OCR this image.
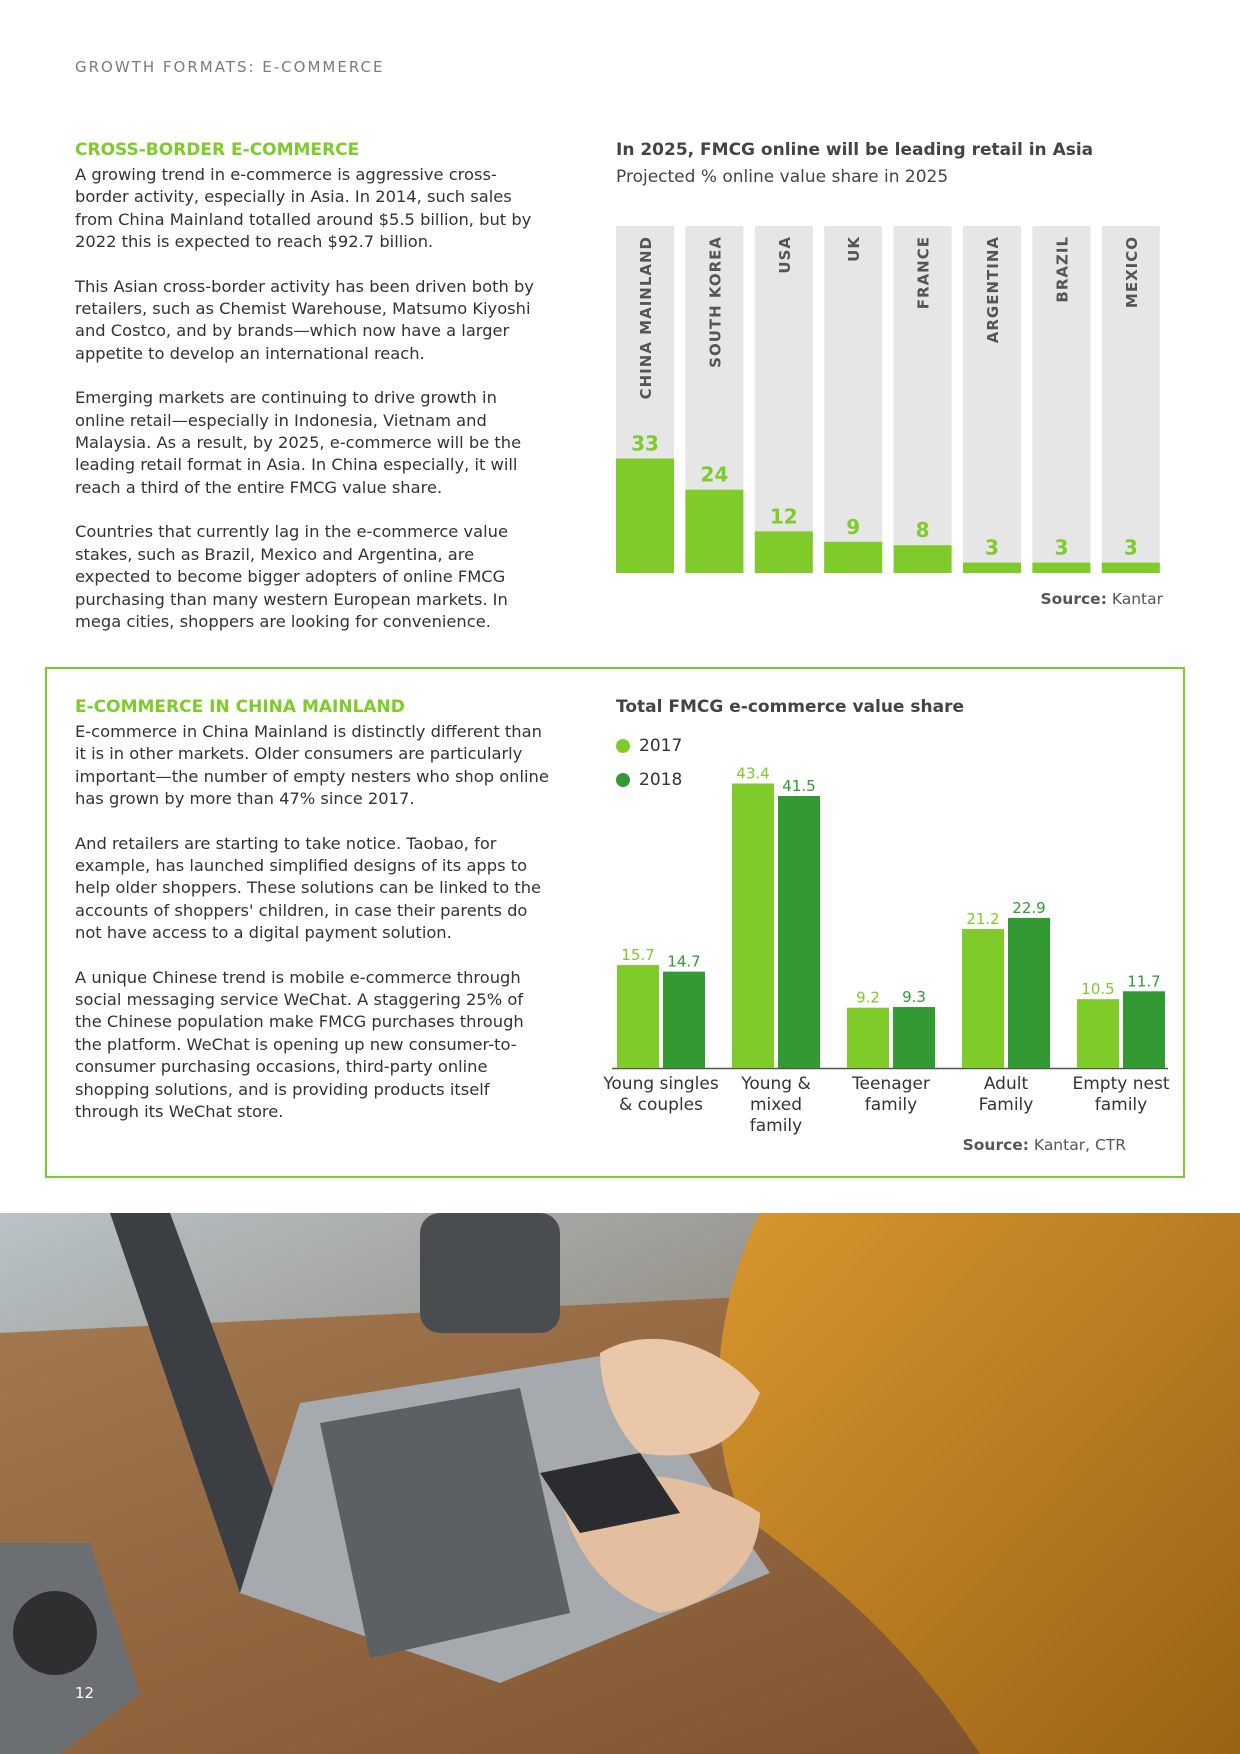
GROWTH FORMATS: E-COMMERCE
CROSS-BORDER E-COMMERCE

A growing trend in e-commerce is aggressive cross-border activity, especially in Asia. In 2014, such sales from China Mainland totalled around $5.5 billion, but by 2022 this is expected to reach $92.7 billion.

This Asian cross-border activity has been driven both by retailers, such as Chemist Warehouse, Matsumo Kiyoshi and Costco, and by brands—which now have a larger appetite to develop an international reach.

Emerging markets are continuing to drive growth in online retail—especially in Indonesia, Vietnam and Malaysia. As a result, by 2025, e-commerce will be the leading retail format in Asia. In China especially, it will reach a third of the entire FMCG value share.

Countries that currently lag in the e-commerce value stakes, such as Brazil, Mexico and Argentina, are expected to become bigger adopters of online FMCG purchasing than many western European markets. In mega cities, shoppers are looking for convenience.

In 2025, FMCG online will be leading retail in Asia
Projected % online value share in 2025
33
CHINA MAINLAND
24
SOUTH KOREA
12
USA
9
UK
8
FRANCE
3
ARGENTINA
3
BRAZIL
3
MEXICO
Source: Kantar
E-COMMERCE IN CHINA MAINLAND

E-commerce in China Mainland is distinctly different than it is in other markets. Older consumers are particularly important—the number of empty nesters who shop online has grown by more than 47% since 2017.

And retailers are starting to take notice. Taobao, for example, has launched simplified designs of its apps to help older shoppers. These solutions can be linked to the accounts of shoppers' children, in case their parents do not have access to a digital payment solution.

A unique Chinese trend is mobile e-commerce through social messaging service WeChat. A staggering 25% of the Chinese population make FMCG purchases through the platform. WeChat is opening up new consumer-to-consumer purchasing occasions, third-party online shopping solutions, and is providing products itself through its WeChat store.

Total FMCG e-commerce value share
2017
2018
15.7 14.7
43.4
41.5
9.2 9.3
21.2
22.9
10.5 11.7
Young singles
& couples
Young & mixed
family
Teenager
family
Adult
Family
Empty nest
family
Source: Kantar, CTR
12
